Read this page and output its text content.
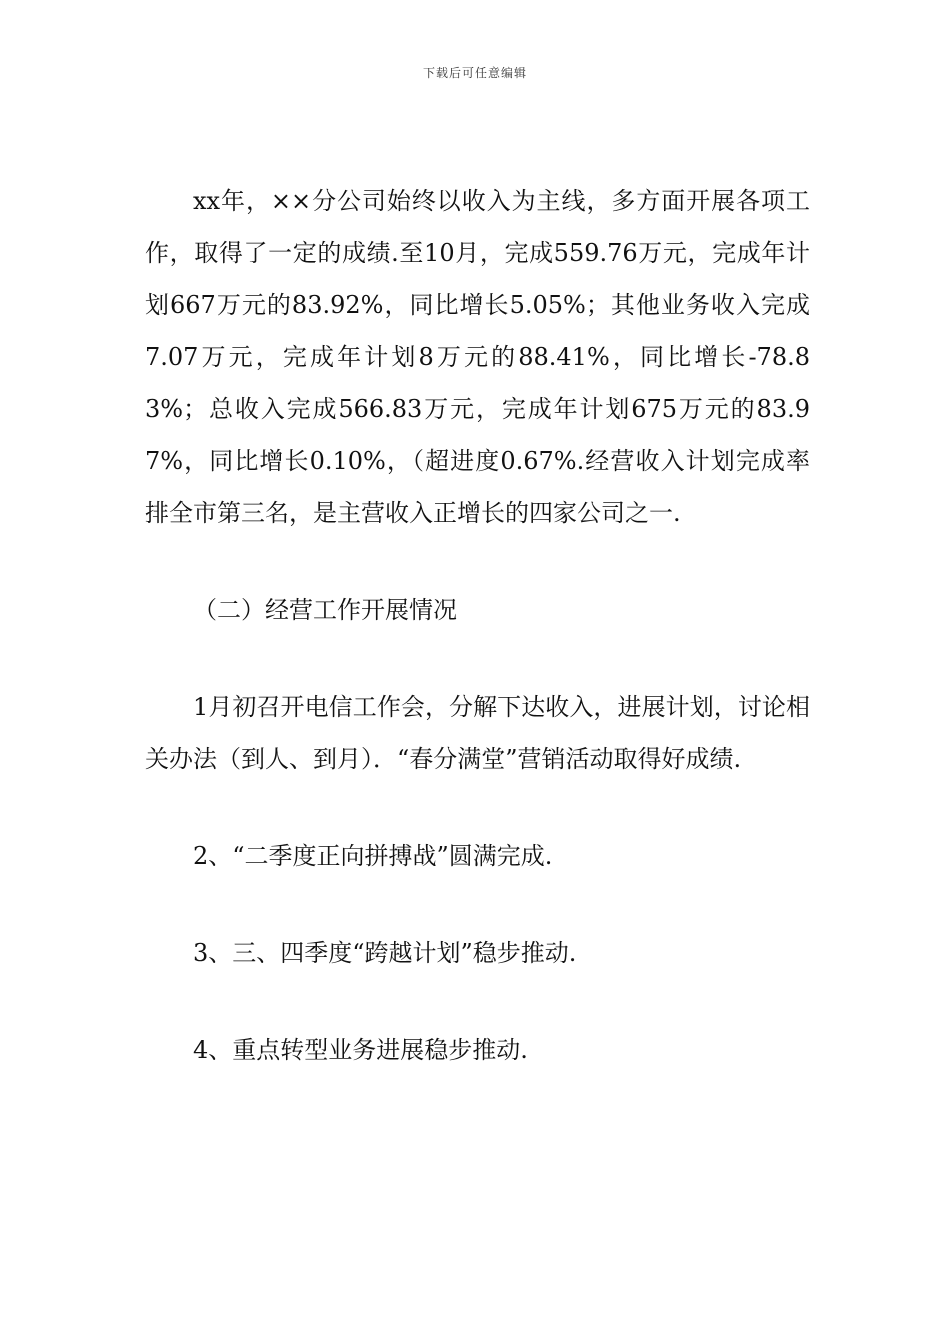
下载后可任意编辑

xx年，××分公司始终以收入为主线，多方面开展各项工作，取得了一定的成绩.至10月，完成559.76万元，完成年计划667万元的83.92%，同比增长5.05%；其他业务收入完成7.07万元，完成年计划8万元的88.41%，同比增长-78.83%；总收入完成566.83万元，完成年计划675万元的83.97%，同比增长0.10%，（超进度0.67%.经营收入计划完成率排全市第三名，是主营收入正增长的四家公司之一.

（二）经营工作开展情况

1月初召开电信工作会，分解下达收入，进展计划，讨论相关办法（到人、到月）．“春分满堂”营销活动取得好成绩.

2、“二季度正向拼搏战”圆满完成.

3、三、四季度“跨越计划”稳步推动.

4、重点转型业务进展稳步推动.
